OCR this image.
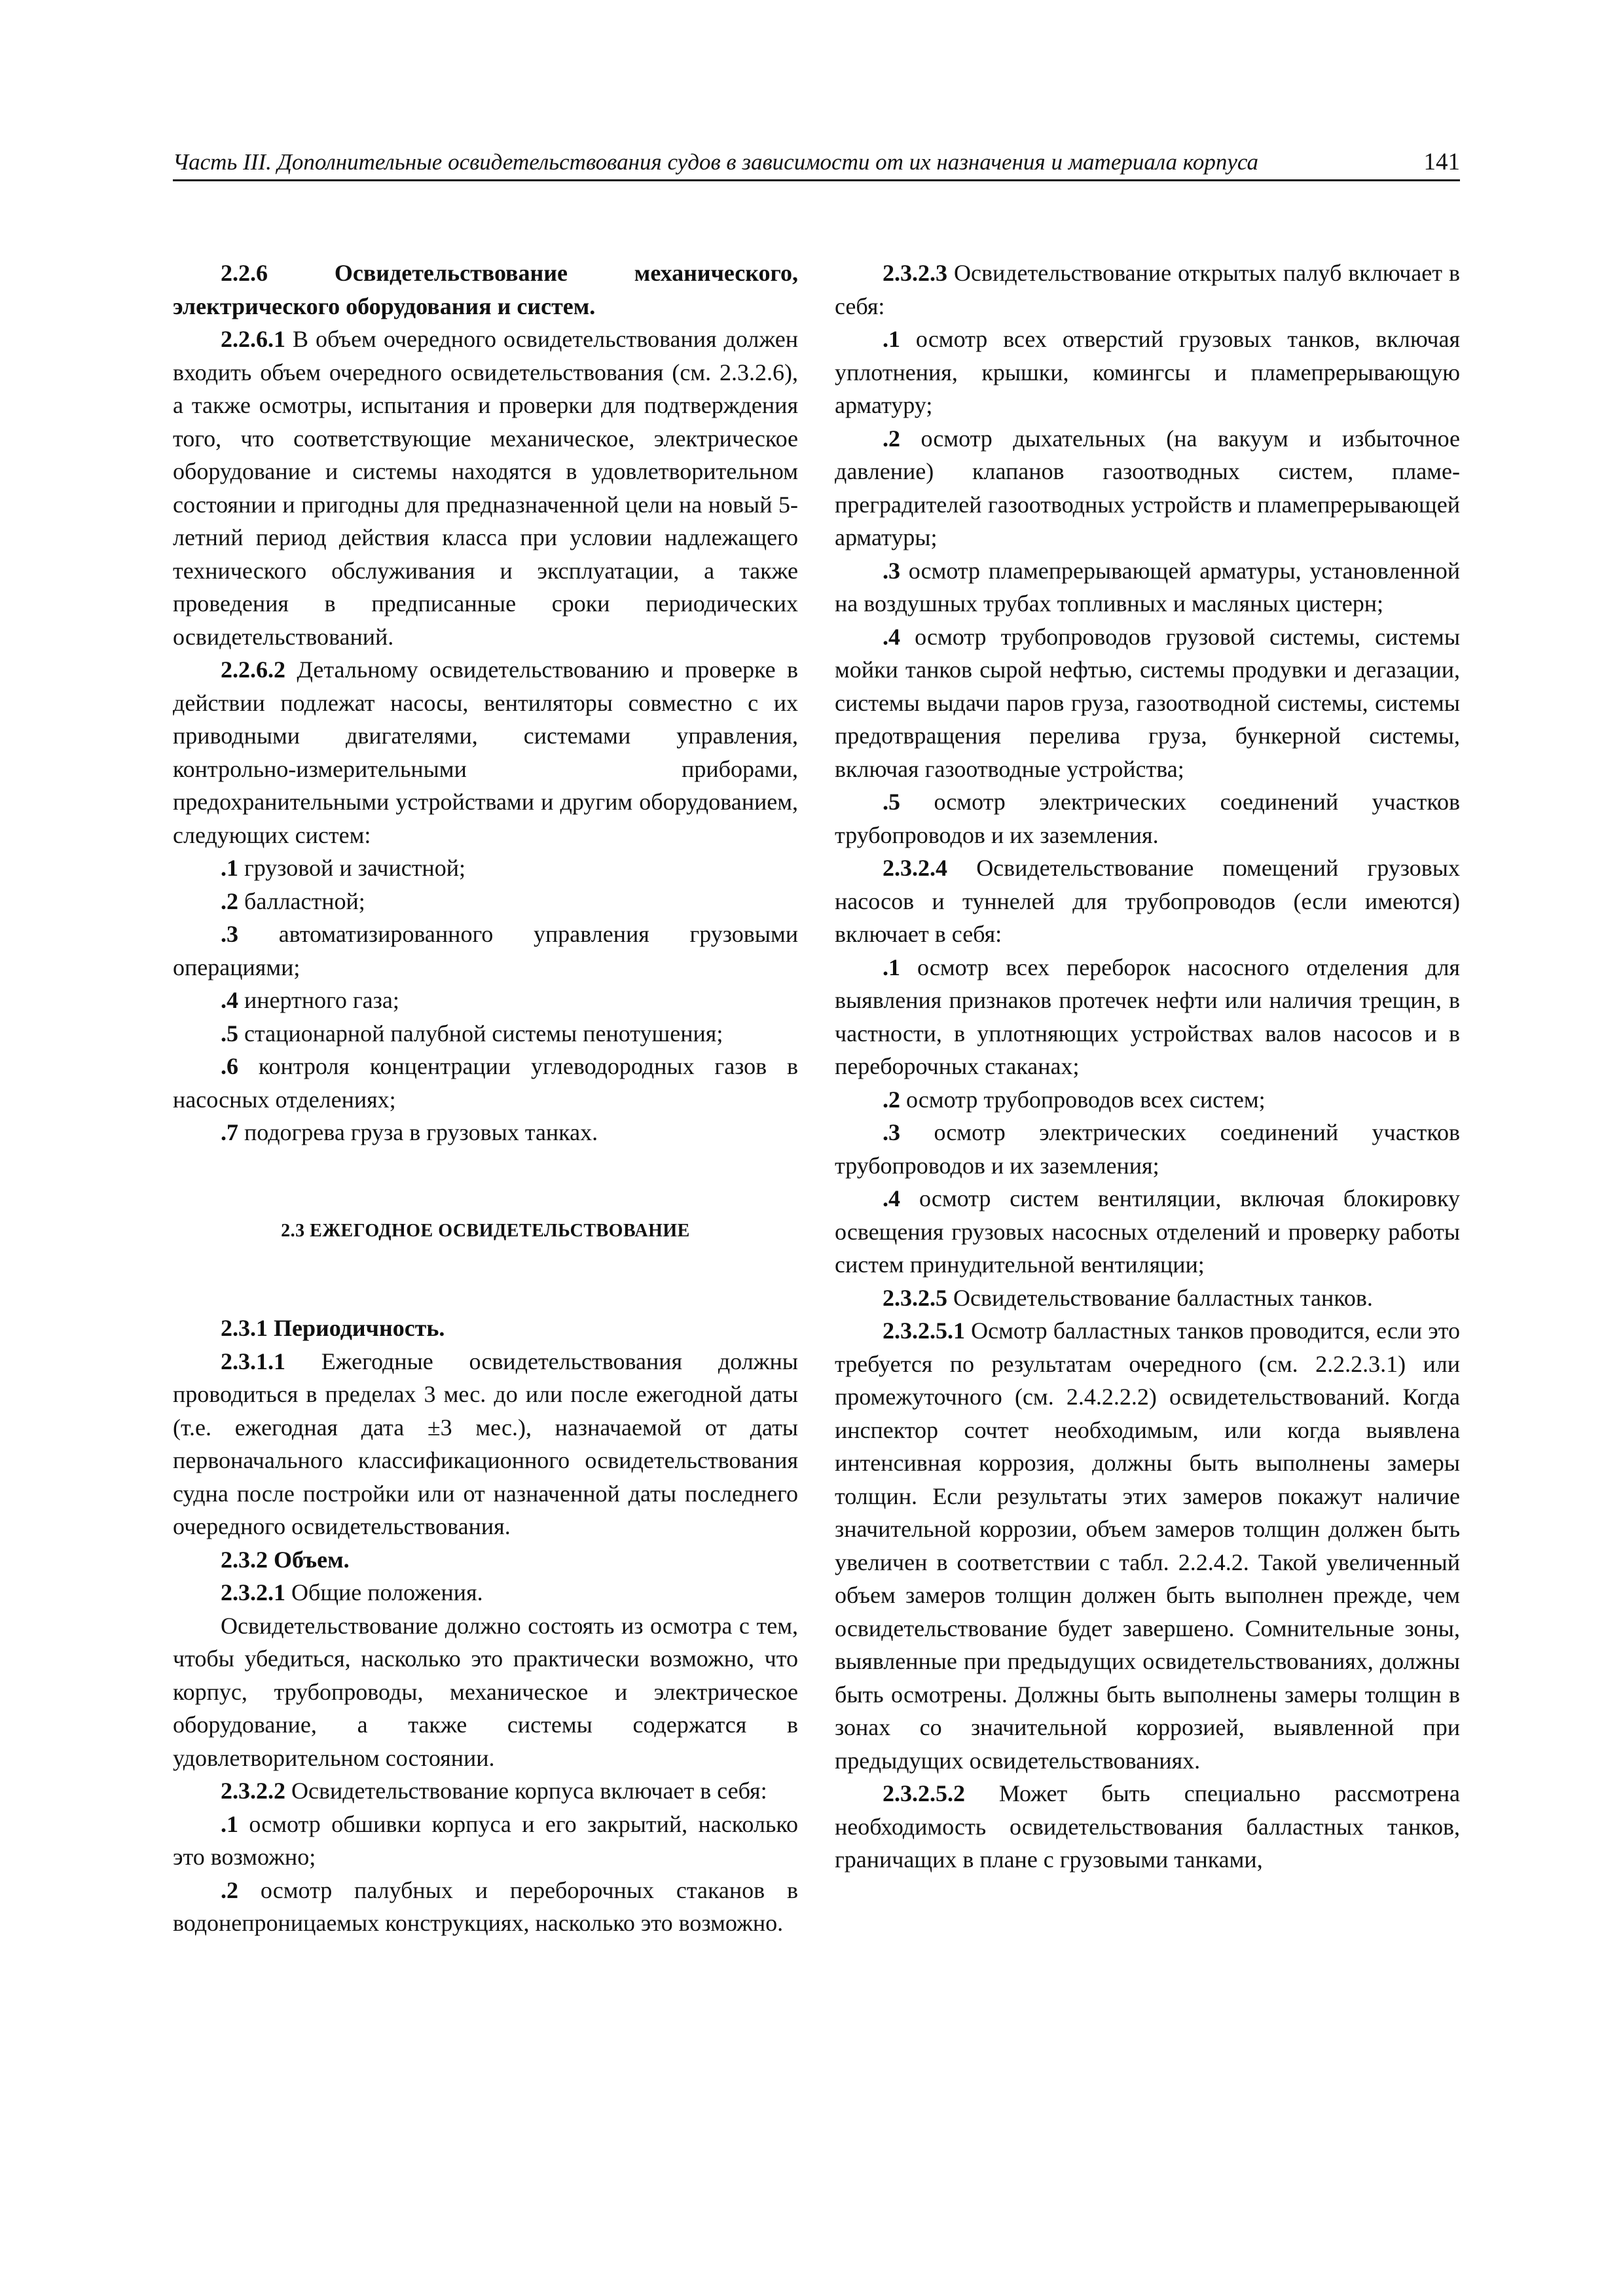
Часть III. Дополнительные освидетельствования судов в зависимости от их назначения и материала корпуса	141

2.2.6	Освидетельствование механического, электрического оборудования и систем.

2.2.6.1 В объем очередного освидетельствования должен входить объем очередного освидетельствования (см. 2.3.2.6), а также осмотры, испытания и проверки для подтверждения того, что соответствующие механическое, электрическое оборудование и системы находятся в удовлетворительном состоянии и пригодны для предназначенной цели на новый 5-летний период действия класса при условии надлежащего технического обслуживания и эксплуатации, а также проведения в предписанные сроки периодических освидетельствований.

2.2.6.2 Детальному освидетельствованию и проверке в действии подлежат насосы, вентиляторы совместно с их приводными двигателями, системами управления, контрольно-измерительными приборами, предохранительными устройствами и другим оборудованием, следующих систем:

.1 грузовой и зачистной;

.2 балластной;

.3 автоматизированного управления грузовыми операциями;

.4 инертного газа;

.5 стационарной палубной системы пенотушения;

.6 контроля концентрации углеводородных газов в насосных отделениях;

.7 подогрева груза в грузовых танках.

2.3 ЕЖЕГОДНОЕ ОСВИДЕТЕЛЬСТВОВАНИЕ

2.3.1 Периодичность.

2.3.1.1 Ежегодные освидетельствования должны проводиться в пределах 3 мес. до или после ежегодной даты (т.е. ежегодная дата ±3 мес.), назначаемой от даты первоначального классификационного освидетельствования судна после постройки или от назначенной даты последнего очередного освидетельствования.

2.3.2 Объем.

2.3.2.1 Общие положения.

Освидетельствование должно состоять из осмотра с тем, чтобы убедиться, насколько это практически возможно, что корпус, трубопроводы, механическое и электрическое оборудование, а также системы содержатся в удовлетворительном состоянии.

2.3.2.2 Освидетельствование корпуса включает в себя:

.1 осмотр обшивки корпуса и его закрытий, насколько это возможно;

.2 осмотр палубных и переборочных стаканов в водонепроницаемых конструкциях, насколько это возможно.

2.3.2.3 Освидетельствование открытых палуб включает в себя:

.1 осмотр всех отверстий грузовых танков, включая уплотнения, крышки, комингсы и пламепрерывающую арматуру;

.2 осмотр дыхательных (на вакуум и избыточное давление) клапанов газоотводных систем, пламепреградителей газоотводных устройств и пламепрерывающей арматуры;

.3 осмотр пламепрерывающей арматуры, установленной на воздушных трубах топливных и масляных цистерн;

.4 осмотр трубопроводов грузовой системы, системы мойки танков сырой нефтью, системы продувки и дегазации, системы выдачи паров груза, газоотводной системы, системы предотвращения перелива груза, бункерной системы, включая газоотводные устройства;

.5 осмотр электрических соединений участков трубопроводов и их заземления.

2.3.2.4 Освидетельствование помещений грузовых насосов и туннелей для трубопроводов (если имеются) включает в себя:

.1 осмотр всех переборок насосного отделения для выявления признаков протечек нефти или наличия трещин, в частности, в уплотняющих устройствах валов насосов и в переборочных стаканах;

.2 осмотр трубопроводов всех систем;

.3 осмотр электрических соединений участков трубопроводов и их заземления;

.4 осмотр систем вентиляции, включая блокировку освещения грузовых насосных отделений и проверку работы систем принудительной вентиляции;

2.3.2.5 Освидетельствование балластных танков.

2.3.2.5.1 Осмотр балластных танков проводится, если это требуется по результатам очередного (см. 2.2.2.3.1) или промежуточного (см. 2.4.2.2.2) освидетельствований. Когда инспектор сочтет необходимым, или когда выявлена интенсивная коррозия, должны быть выполнены замеры толщин. Если результаты этих замеров покажут наличие значительной коррозии, объем замеров толщин должен быть увеличен в соответствии с табл. 2.2.4.2. Такой увеличенный объем замеров толщин должен быть выполнен прежде, чем освидетельствование будет завершено. Сомнительные зоны, выявленные при предыдущих освидетельствованиях, должны быть осмотрены. Должны быть выполнены замеры толщин в зонах со значительной коррозией, выявленной при предыдущих освидетельствованиях.

2.3.2.5.2 Может быть специально рассмотрена необходимость освидетельствования балластных танков, граничащих в плане с грузовыми танками,
